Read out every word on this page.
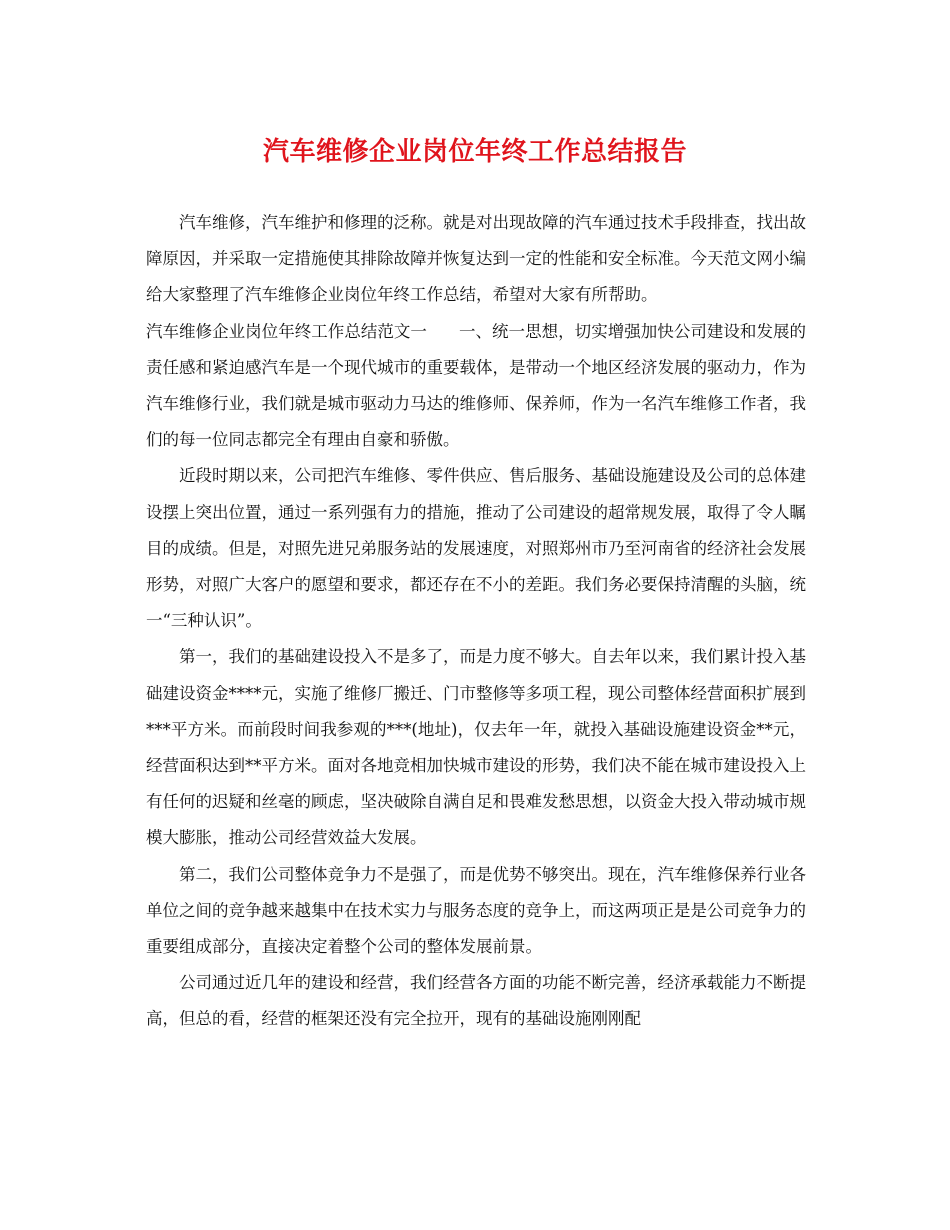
汽车维修企业岗位年终工作总结报告

汽车维修，汽车维护和修理的泛称。就是对出现故障的汽车通过技术手段排查，找出故障原因，并采取一定措施使其排除故障并恢复达到一定的性能和安全标准。今天范文网小编给大家整理了汽车维修企业岗位年终工作总结，希望对大家有所帮助。

汽车维修企业岗位年终工作总结范文一 一、统一思想，切实增强加快公司建设和发展的责任感和紧迫感汽车是一个现代城市的重要载体，是带动一个地区经济发展的驱动力，作为汽车维修行业，我们就是城市驱动力马达的维修师、保养师，作为一名汽车维修工作者，我们的每一位同志都完全有理由自豪和骄傲。

近段时期以来，公司把汽车维修、零件供应、售后服务、基础设施建设及公司的总体建设摆上突出位置，通过一系列强有力的措施，推动了公司建设的超常规发展，取得了令人瞩目的成绩。但是，对照先进兄弟服务站的发展速度，对照郑州市乃至河南省的经济社会发展形势，对照广大客户的愿望和要求，都还存在不小的差距。我们务必要保持清醒的头脑，统一“三种认识”。

第一，我们的基础建设投入不是多了，而是力度不够大。自去年以来，我们累计投入基础建设资金****元，实施了维修厂搬迁、门市整修等多项工程，现公司整体经营面积扩展到***平方米。而前段时间我参观的***(地址)，仅去年一年，就投入基础设施建设资金**元，经营面积达到**平方米。面对各地竞相加快城市建设的形势，我们决不能在城市建设投入上有任何的迟疑和丝毫的顾虑，坚决破除自满自足和畏难发愁思想，以资金大投入带动城市规模大膨胀，推动公司经营效益大发展。

第二，我们公司整体竞争力不是强了，而是优势不够突出。现在，汽车维修保养行业各单位之间的竞争越来越集中在技术实力与服务态度的竞争上，而这两项正是是公司竞争力的重要组成部分，直接决定着整个公司的整体发展前景。

公司通过近几年的建设和经营，我们经营各方面的功能不断完善，经济承载能力不断提高，但总的看，经营的框架还没有完全拉开，现有的基础设施刚刚配
